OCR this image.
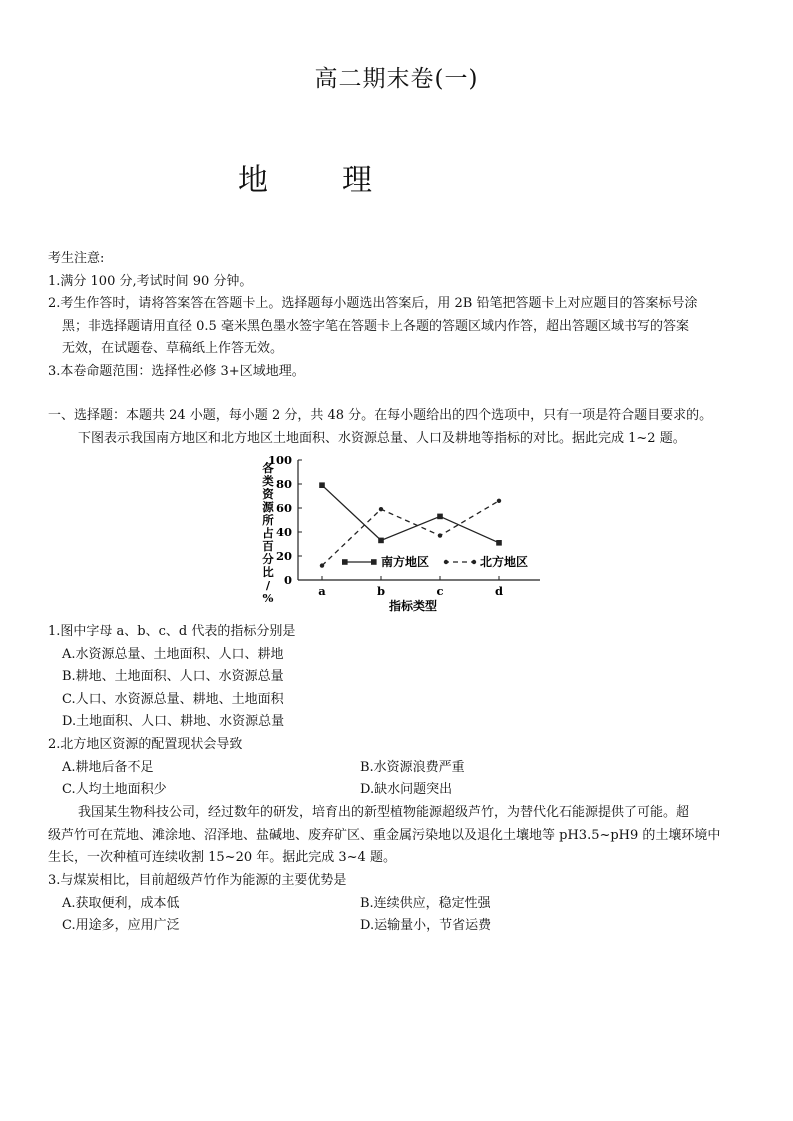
高二期末卷(一)
地　理
考生注意:
1.满分 100 分,考试时间 90 分钟。
2.考生作答时，请将答案答在答题卡上。选择题每小题选出答案后，用 2B 铅笔把答题卡上对应题目的答案标号涂
黑；非选择题请用直径 0.5 毫米黑色墨水签字笔在答题卡上各题的答题区域内作答，超出答题区域书写的答案
无效，在试题卷、草稿纸上作答无效。
3.本卷命题范围：选择性必修 3+区域地理。
一、选择题：本题共 24 小题，每小题 2 分，共 48 分。在每小题给出的四个选项中，只有一项是符合题目要求的。
下图表示我国南方地区和北方地区土地面积、水资源总量、人口及耕地等指标的对比。据此完成 1~2 题。
0
20
40
60
80
100
a	b	c	d
各类资源所占百分比/ %
指标类型
南方地区	北方地区
1.图中字母 a、b、c、d 代表的指标分别是
A.水资源总量、土地面积、人口、耕地
B.耕地、土地面积、人口、水资源总量
C.人口、水资源总量、耕地、土地面积
D.土地面积、人口、耕地、水资源总量
2.北方地区资源的配置现状会导致
A.耕地后备不足	B.水资源浪费严重
C.人均土地面积少	D.缺水问题突出
我国某生物科技公司，经过数年的研发，培育出的新型植物能源超级芦竹，为替代化石能源提供了可能。超
级芦竹可在荒地、滩涂地、沼泽地、盐碱地、废弃矿区、重金属污染地以及退化土壤地等 pH3.5~pH9 的土壤环境中
生长，一次种植可连续收割 15~20 年。据此完成 3~4 题。
3.与煤炭相比，目前超级芦竹作为能源的主要优势是
A.获取便利，成本低	B.连续供应，稳定性强
C.用途多，应用广泛	D.运输量小，节省运费
